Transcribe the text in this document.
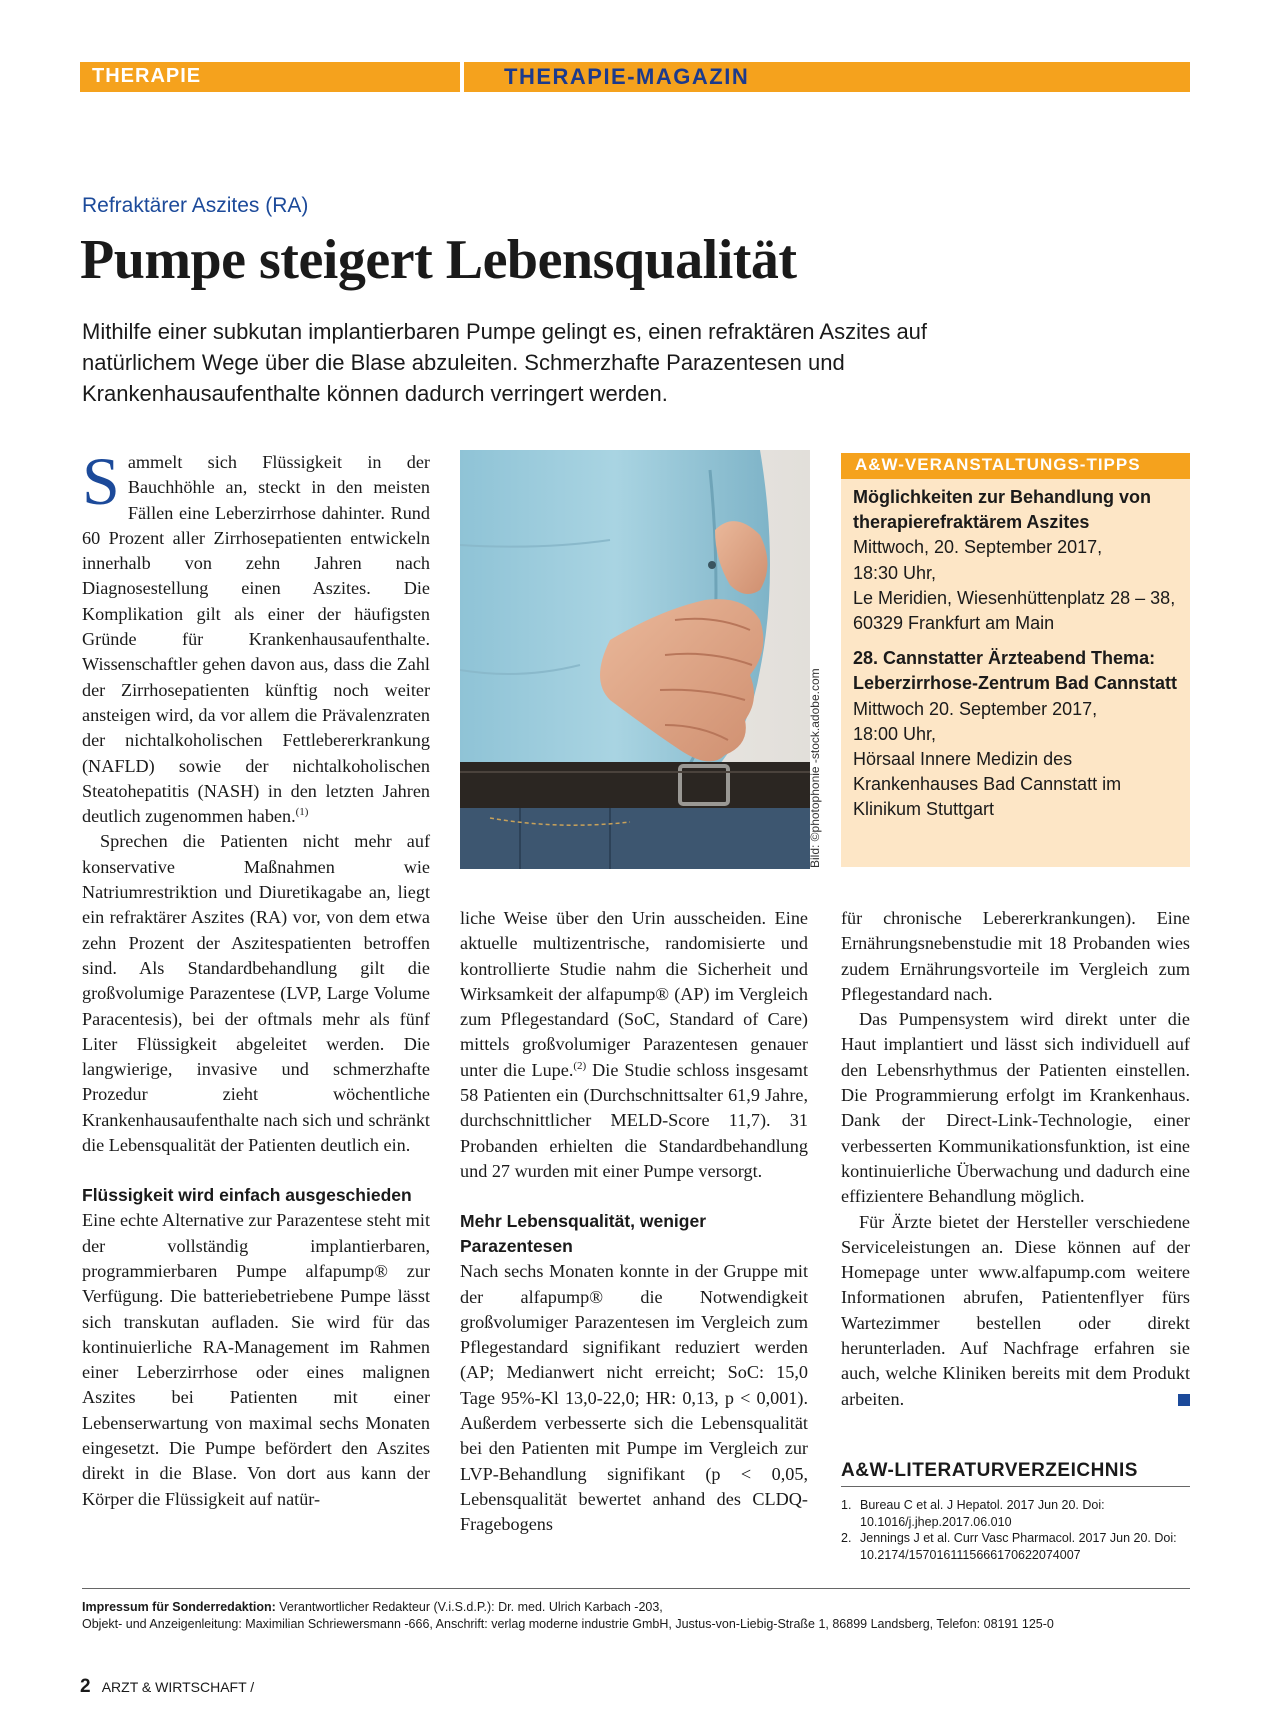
THERAPIE	THERAPIE-MAGAZIN
Refraktärer Aszites (RA)
Pumpe steigert Lebensqualität

Mithilfe einer subkutan implantierbaren Pumpe gelingt es, einen refraktären Aszites auf natürlichem Wege über die Blase abzuleiten. Schmerzhafte Parazentesen und Krankenhausaufenthalte können dadurch verringert werden.

Sammelt sich Flüssigkeit in der Bauchhöhle an, steckt in den meisten Fällen eine Leberzirrhose dahinter. Rund 60 Prozent aller Zirrhosepatienten entwickeln innerhalb von zehn Jahren nach Diagnosestellung einen Aszites. Die Komplikation gilt als einer der häufigsten Gründe für Krankenhausaufenthalte. Wissenschaftler gehen davon aus, dass die Zahl der Zirrhosepatienten künftig noch weiter ansteigen wird, da vor allem die Prävalenzraten der nichtalkoholischen Fettlebererkrankung (NAFLD) sowie der nichtalkoholischen Steatohepatitis (NASH) in den letzten Jahren deutlich zugenommen haben.$^{(1)}$

Sprechen die Patienten nicht mehr auf konservative Maßnahmen wie Natriumrestriktion und Diuretikagabe an, liegt ein refraktärer Aszites (RA) vor, von dem etwa zehn Prozent der Aszitespatienten betroffen sind. Als Standardbehandlung gilt die großvolumige Parazentese (LVP, Large Volume Paracentesis), bei der oftmals mehr als fünf Liter Flüssigkeit abgeleitet werden. Die langwierige, invasive und schmerzhafte Prozedur zieht wöchentliche Krankenhausaufenthalte nach sich und schränkt die Lebensqualität der Patienten deutlich ein.

Flüssigkeit wird einfach ausgeschieden

Eine echte Alternative zur Parazentese steht mit der vollständig implantierbaren, programmierbaren Pumpe alfapump® zur Verfügung. Die batteriebetriebene Pumpe lässt sich transkutan aufladen. Sie wird für das kontinuierliche RA-Management im Rahmen einer Leberzirrhose oder eines malignen Aszites bei Patienten mit einer Lebenserwartung von maximal sechs Monaten eingesetzt. Die Pumpe befördert den Aszites direkt in die Blase. Von dort aus kann der Körper die Flüssigkeit auf natür-

Bild: ©photophonie -stock.adobe.com
A&W-VERANSTALTUNGS-TIPPS
Möglichkeiten zur Behandlung von therapierefraktärem Aszites
Mittwoch, 20. September 2017,
18:30 Uhr,
Le Meridien, Wiesenhüttenplatz 28 – 38, 60329 Frankfurt am Main
28. Cannstatter Ärzteabend Thema: Leberzirrhose-Zentrum Bad Cannstatt
Mittwoch 20. September 2017,
18:00 Uhr,
Hörsaal Innere Medizin des Krankenhauses Bad Cannstatt im Klinikum Stuttgart

liche Weise über den Urin ausscheiden. Eine aktuelle multizentrische, randomisierte und kontrollierte Studie nahm die Sicherheit und Wirksamkeit der alfapump® (AP) im Vergleich zum Pflegestandard (SoC, Standard of Care) mittels großvolumiger Parazentesen genauer unter die Lupe.$^{(2)}$ Die Studie schloss insgesamt 58 Patienten ein (Durchschnittsalter 61,9 Jahre, durchschnittlicher MELD-Score 11,7). 31 Probanden erhielten die Standardbehandlung und 27 wurden mit einer Pumpe versorgt.

Mehr Lebensqualität, weniger Parazentesen

Nach sechs Monaten konnte in der Gruppe mit der alfapump® die Notwendigkeit großvolumiger Parazentesen im Vergleich zum Pflegestandard signifikant reduziert werden (AP; Medianwert nicht erreicht; SoC: 15,0 Tage 95%-Kl 13,0-22,0; HR: 0,13, p < 0,001). Außerdem verbesserte sich die Lebensqualität bei den Patienten mit Pumpe im Vergleich zur LVP-Behandlung signifikant (p < 0,05, Lebensqualität bewertet anhand des CLDQ-Fragebogens

für chronische Lebererkrankungen). Eine Ernährungsnebenstudie mit 18 Probanden wies zudem Ernährungsvorteile im Vergleich zum Pflegestandard nach.

Das Pumpensystem wird direkt unter die Haut implantiert und lässt sich individuell auf den Lebensrhythmus der Patienten einstellen. Die Programmierung erfolgt im Krankenhaus. Dank der Direct-Link-Technologie, einer verbesserten Kommunikationsfunktion, ist eine kontinuierliche Überwachung und dadurch eine effizientere Behandlung möglich.

Für Ärzte bietet der Hersteller verschiedene Serviceleistungen an. Diese können auf der Homepage unter www.alfapump.com weitere Informationen abrufen, Patientenflyer fürs Wartezimmer bestellen oder direkt herunterladen. Auf Nachfrage erfahren sie auch, welche Kliniken bereits mit dem Produkt arbeiten.

A&W-LITERATURVERZEICHNIS
1. Bureau C et al. J Hepatol. 2017 Jun 20. Doi: 10.1016/j.jhep.2017.06.010
2. Jennings J et al. Curr Vasc Pharmacol. 2017 Jun 20. Doi: 10.2174/1570161115666170622074007
Impressum für Sonderredaktion: Verantwortlicher Redakteur (V.i.S.d.P.): Dr. med. Ulrich Karbach -203,
Objekt- und Anzeigenleitung: Maximilian Schriewersmann -666, Anschrift: verlag moderne industrie GmbH, Justus-von-Liebig-Straße 1, 86899 Landsberg, Telefon: 08191 125-0
2 ARZT & WIRTSCHAFT /
